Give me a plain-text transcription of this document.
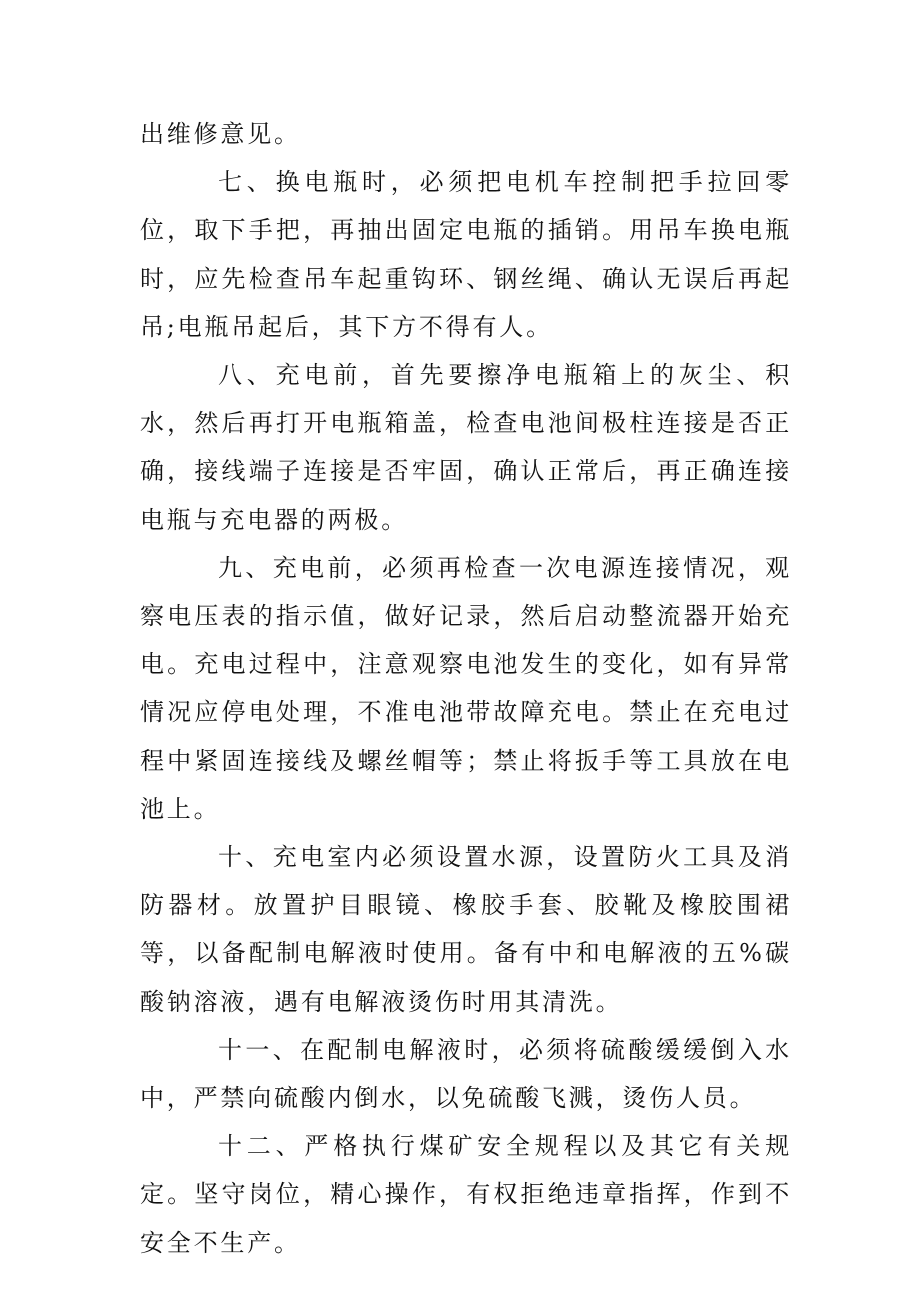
出维修意见。

七、换电瓶时，必须把电机车控制把手拉回零位，取下手把，再抽出固定电瓶的插销。用吊车换电瓶时，应先检查吊车起重钩环、钢丝绳、确认无误后再起吊;电瓶吊起后，其下方不得有人。

八、充电前，首先要擦净电瓶箱上的灰尘、积水，然后再打开电瓶箱盖，检查电池间极柱连接是否正确，接线端子连接是否牢固，确认正常后，再正确连接电瓶与充电器的两极。

九、充电前，必须再检查一次电源连接情况，观察电压表的指示值，做好记录，然后启动整流器开始充电。充电过程中，注意观察电池发生的变化，如有异常情况应停电处理，不准电池带故障充电。禁止在充电过程中紧固连接线及螺丝帽等；禁止将扳手等工具放在电池上。

十、充电室内必须设置水源，设置防火工具及消防器材。放置护目眼镜、橡胶手套、胶靴及橡胶围裙等，以备配制电解液时使用。备有中和电解液的五%碳酸钠溶液，遇有电解液烫伤时用其清洗。

十一、在配制电解液时，必须将硫酸缓缓倒入水中，严禁向硫酸内倒水，以免硫酸飞溅，烫伤人员。

十二、严格执行煤矿安全规程以及其它有关规定。坚守岗位，精心操作，有权拒绝违章指挥，作到不安全不生产。
